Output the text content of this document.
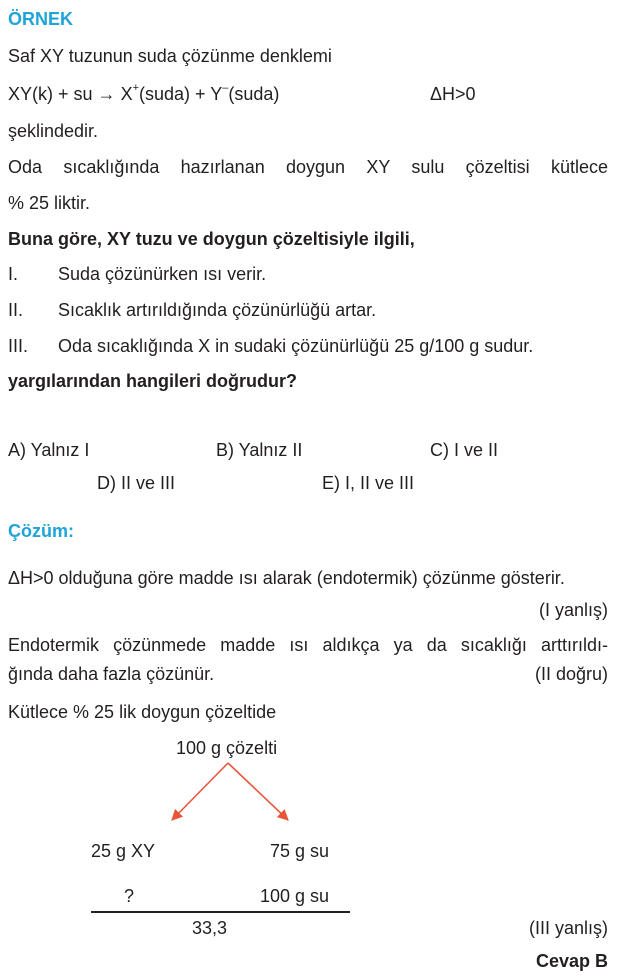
ÖRNEK
Saf XY tuzunun suda çözünme denklemi
XY(k) + su → X+(suda) + Y–(suda)	ΔH>0
şeklindedir.
Oda sıcaklığında hazırlanan doygun XY sulu çözeltisi kütlece
% 25 liktir.
Buna göre, XY tuzu ve doygun çözeltisiyle ilgili,
I. Suda çözünürken ısı verir.
II. Sıcaklık artırıldığında çözünürlüğü artar.
III. Oda sıcaklığında X in sudaki çözünürlüğü 25 g/100 g sudur.
yargılarından hangileri doğrudur?
A) Yalnız I	B) Yalnız II	C) I ve II
D) II ve III	E) I, II ve III
Çözüm:
ΔH>0 olduğuna göre madde ısı alarak (endotermik) çözünme gösterir.
(I yanlış)
Endotermik çözünmede madde ısı aldıkça ya da sıcaklığı arttırıldı-
ğında daha fazla çözünür.	(II doğru)
Kütlece % 25 lik doygun çözeltide
100 g çözelti
25 g XY	75 g su
?	100 g su
33,3	(III yanlış)
Cevap B
